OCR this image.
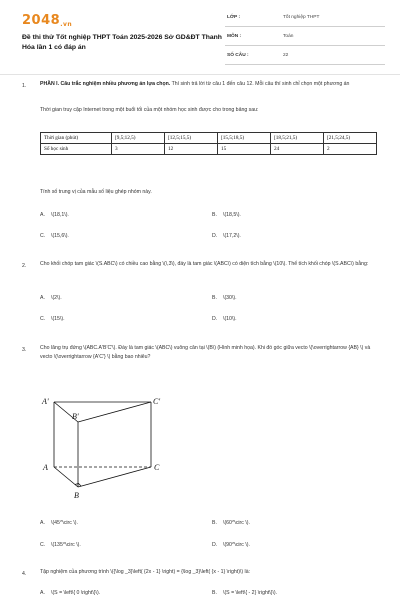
2048.vn
Đề thi thử Tốt nghiệp THPT Toán 2025-2026 Sở GD&ĐT Thanh Hóa lần 1 có đáp án
LỚP :	Tốt nghiệp THPT
MÔN :	Toán
SỐ CÂU :	22
1.	PHẦN I. Câu trắc nghiệm nhiều phương án lựa chọn. Thí sinh trả lời từ câu 1 đến câu 12. Mỗi câu thí sinh chỉ chọn một phương án
Thời gian truy cập Internet trong một buổi tối của một nhóm học sinh được cho trong bảng sau:
Thời gian (phút)	[9,5;12,5)	[12,5;15,5)	[15,5;18,5)	[18,5;21,5)	[21,5;24,5)
Số học sinh	3	12	15	24	2
Tính số trung vị của mẫu số liệu ghép nhóm này.
A. \(18,1\).	B. \(18,5\).
C. \(15,6\).	D. \(17,2\).
2.	Cho khối chóp tam giác \(S.ABC\) có chiều cao bằng \(\,3\), đáy là tam giác \(ABC\) có diện tích bằng \(10\). Thể tích khối chóp \(S.ABC\) bằng:
A. \(2\).	B. \(30\).
C. \(15\).	D. \(10\).
3.	Cho lăng trụ đứng \(ABC.A'B'C'\). Đáy là tam giác \(ABC\) vuông cân tại \(B\) (Hình minh họa). Khi đó góc giữa vecto \(\overrightarrow {AB} \) và vecto \(\overrightarrow {A'C'} \) bằng bao nhiêu?
A'
B'
C'
A
B
C
A. \(45^\circ \).	B. \(60^\circ \).
C. \(135^\circ \).	D. \(90^\circ \).
4.	Tập nghiệm của phương trình \({\log _3}\left( {2x - 1} \right) = {\log _3}\left( {x - 1} \right)\) là:
A. \(S = \left\{ 0 \right\}\).	B. \(S = \left\{ - 2} \right\}\).
